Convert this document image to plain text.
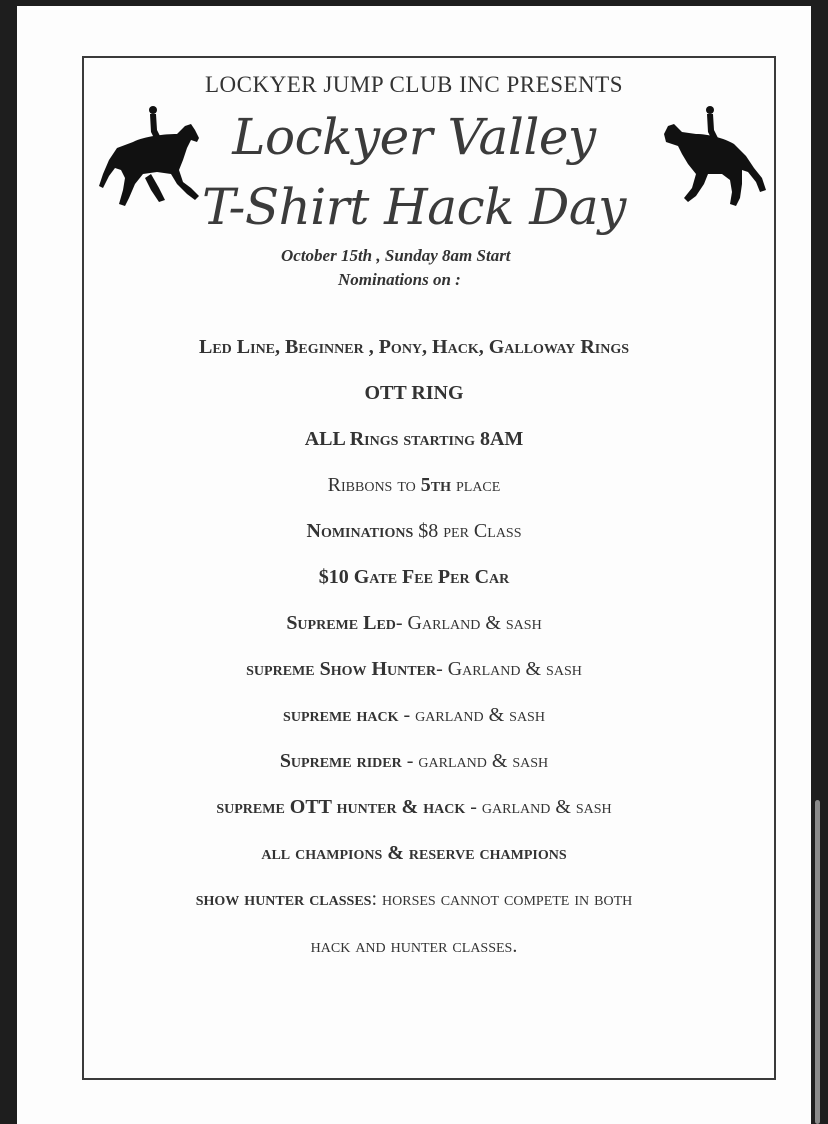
LOCKYER JUMP CLUB INC PRESENTS
Lockyer Valley
T-Shirt Hack Day
October 15th , Sunday 8am Start
Nominations on :
Led Line, Beginner , Pony, Hack, Galloway Rings
OTT RING
ALL Rings starting 8AM
Ribbons to 5th place
Nominations $8 per Class
$10 Gate Fee Per Car
Supreme Led- Garland & sash
supreme Show Hunter- Garland & sash
supreme hack - garland & sash
Supreme rider - garland & sash
supreme OTT hunter & hack - garland & sash
all champions & reserve champions
show hunter classes: horses cannot compete in both
hack and hunter classes.
